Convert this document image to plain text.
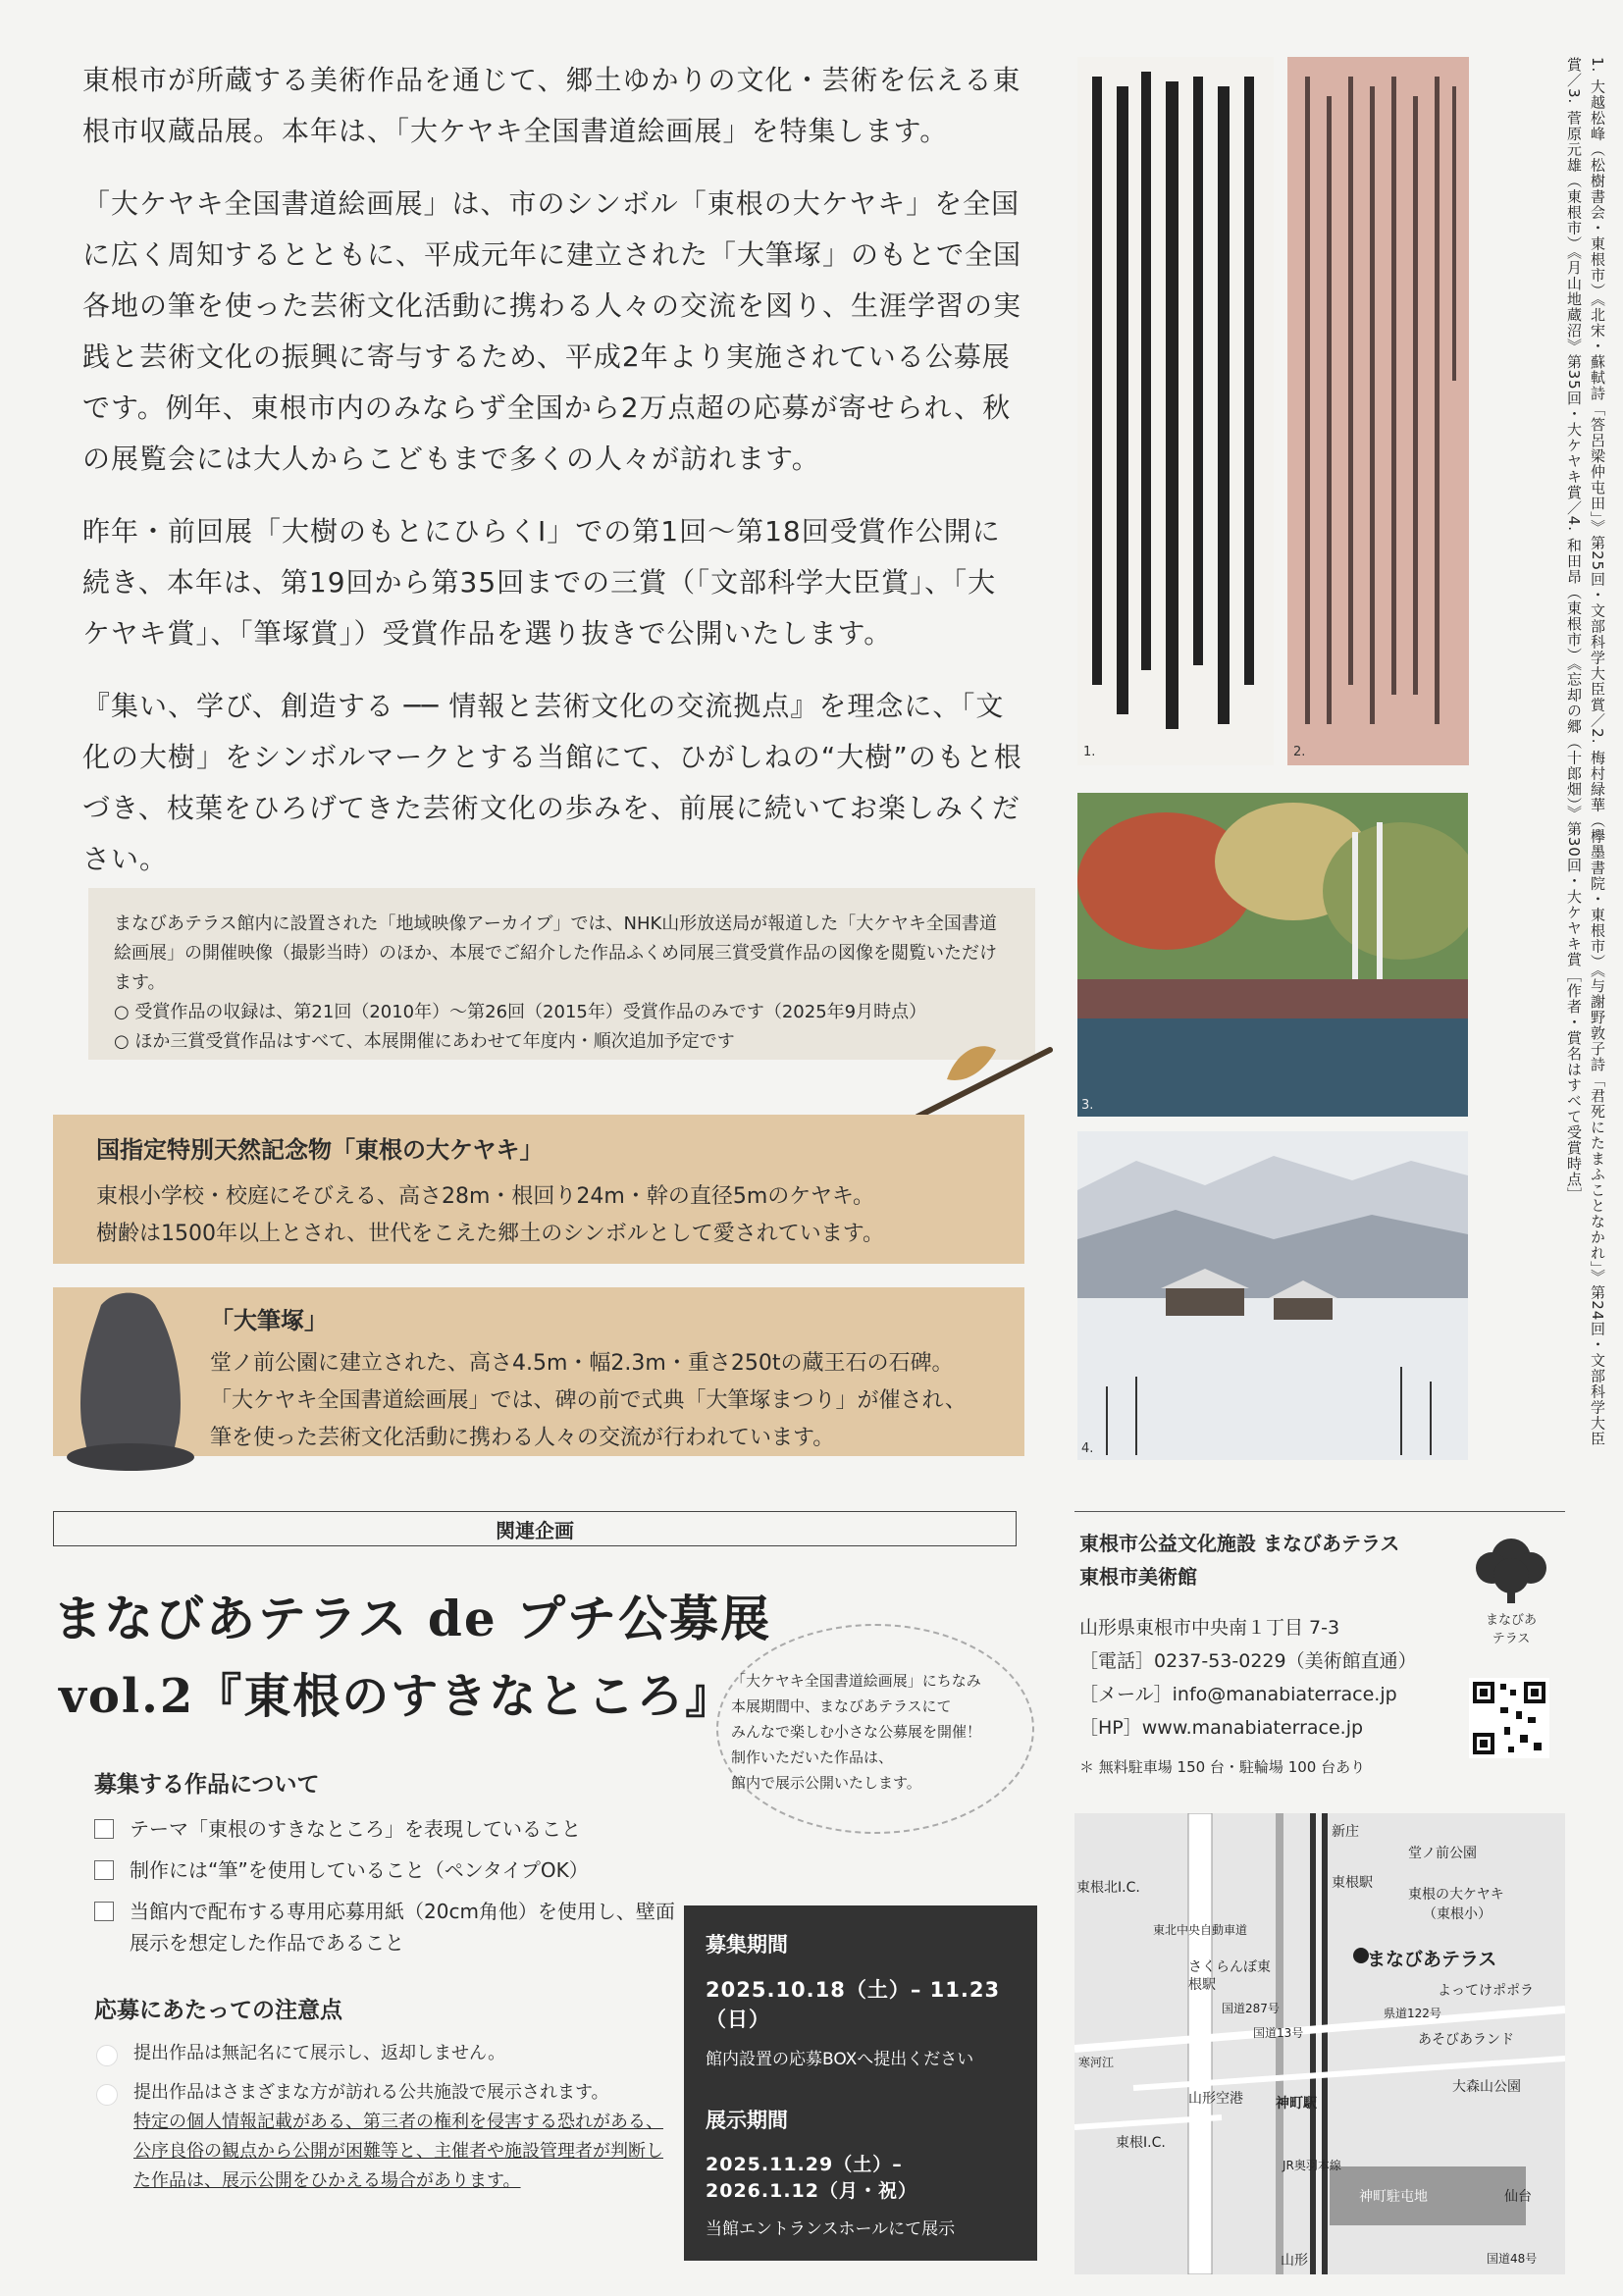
東根市が所蔵する美術作品を通じて、郷土ゆかりの文化・芸術を伝える東根市収蔵品展。本年は、「大ケヤキ全国書道絵画展」を特集します。

「大ケヤキ全国書道絵画展」は、市のシンボル「東根の大ケヤキ」を全国に広く周知するとともに、平成元年に建立された「大筆塚」のもとで全国各地の筆を使った芸術文化活動に携わる人々の交流を図り、生涯学習の実践と芸術文化の振興に寄与するため、平成2年より実施されている公募展です。例年、東根市内のみならず全国から2万点超の応募が寄せられ、秋の展覧会には大人からこどもまで多くの人々が訪れます。

昨年・前回展「大樹のもとにひらくⅠ」での第1回〜第18回受賞作公開に続き、本年は、第19回から第35回までの三賞（「文部科学大臣賞」、「大ケヤキ賞」、「筆塚賞」）受賞作品を選り抜きで公開いたします。

『集い、学び、創造する ── 情報と芸術文化の交流拠点』を理念に、「文化の大樹」をシンボルマークとする当館にて、ひがしねの“大樹”のもと根づき、枝葉をひろげてきた芸術文化の歩みを、前展に続いてお楽しみください。

まなびあテラス館内に設置された「地域映像アーカイブ」では、NHK山形放送局が報道した「大ケヤキ全国書道絵画展」の開催映像（撮影当時）のほか、本展でご紹介した作品ふくめ同展三賞受賞作品の図像を閲覧いただけます。

○ 受賞作品の収録は、第21回（2010年）〜第26回（2015年）受賞作品のみです（2025年9月時点）

○ ほか三賞受賞作品はすべて、本展開催にあわせて年度内・順次追加予定です

国指定特別天然記念物「東根の大ケヤキ」

東根小学校・校庭にそびえる、高さ28m・根回り24m・幹の直径5mのケヤキ。

樹齢は1500年以上とされ、世代をこえた郷土のシンボルとして愛されています。

「大筆塚」

堂ノ前公園に建立された、高さ4.5m・幅2.3m・重さ250tの蔵王石の石碑。

「大ケヤキ全国書道絵画展」では、碑の前で式典「大筆塚まつり」が催され、

筆を使った芸術文化活動に携わる人々の交流が行われています。

1.	2.
3.
4.
1. 大越松峰（松樹書会・東根市）《北宋・蘇軾詩「答呂梁仲屯田」》第25回・文部科学大臣賞／2. 梅村緑華（欅墨書院・東根市）《与謝野敦子詩「君死にたまふことなかれ」》第24回・文部科学大臣賞／3. 菅原元雄（東根市）《月山地蔵沼》第35回・大ケヤキ賞／4. 和田昂（東根市）《忘却の郷（十郎畑）》第30回・大ケヤキ賞［作者・賞名はすべて受賞時点］
関連企画
まなびあテラス de プチ公募展
vol.2『東根のすきなところ』
「大ケヤキ全国書道絵画展」にちなみ
本展期間中、まなびあテラスにて
みんなで楽しむ小さな公募展を開催！
制作いただいた作品は、
館内で展示公開いたします。
募集する作品について
テーマ「東根のすきなところ」を表現していること
制作には“筆”を使用していること（ペンタイプOK）
当館内で配布する専用応募用紙（20cm角他）を使用し、壁面展示を想定した作品であること
応募にあたっての注意点
提出作品は無記名にて展示し、返却しません。
提出作品はさまざまな方が訪れる公共施設で展示されます。
特定の個人情報記載がある、第三者の権利を侵害する恐れがある、公序良俗の観点から公開が困難等と、主催者や施設管理者が判断した作品は、展示公開をひかえる場合があります。
募集期間
2025.10.18（土）– 11.23（日）
館内設置の応募BOXへ提出ください
展示期間
2025.11.29（土）– 2026.1.12（月・祝）
当館エントランスホールにて展示
東根市公益文化施設 まなびあテラス
東根市美術館
山形県東根市中央南１丁目 7-3
［電話］0237-53-0229（美術館直通）
［メール］info@manabiaterrace.jp
［HP］www.manabiaterrace.jp
＊ 無料駐車場 150 台・駐輪場 100 台あり
まなびあ
テラス
新庄
堂ノ前公園
東根駅
東根の大ケヤキ
（東根小）
東根北I.C.
まなびあテラス
さくらんぼ東根駅	よってけポポラ
県道122号
あそびあランド
大森山公園
山形空港 神町駅
東根I.C.
神町駐屯地	仙台
山形	国道48号
国道287号
国道13号
東北中央自動車道
寒河江
JR奥羽本線
